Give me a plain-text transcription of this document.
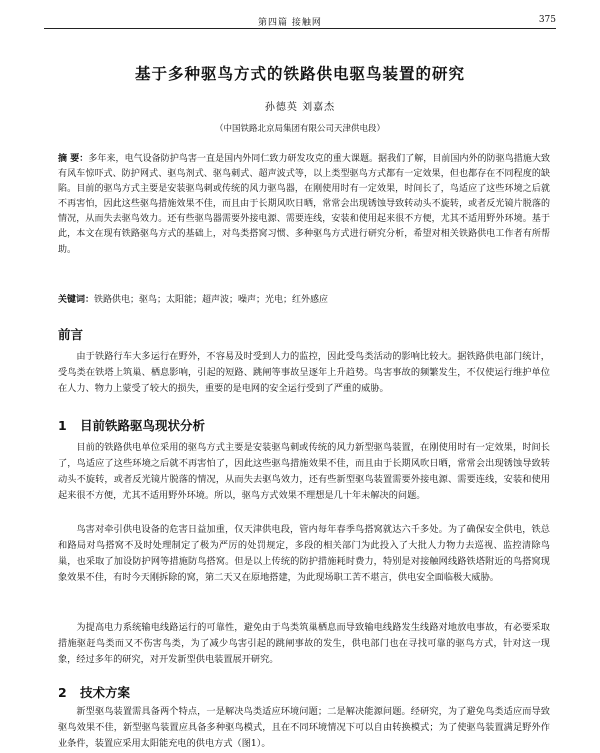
第四篇 接触网	375
基于多种驱鸟方式的铁路供电驱鸟装置的研究
孙德英 刘嘉杰
（中国铁路北京局集团有限公司天津供电段）
摘 要：多年来，电气设备防护鸟害一直是国内外同仁致力研发攻克的重大课题。据我们了解，目前国内外的防驱鸟措施大致有风车惊吓式、防护网式、驱鸟剂式、驱鸟刺式、超声波式等，以上类型驱鸟方式都有一定效果，但也都存在不同程度的缺陷。目前的驱鸟方式主要是安装驱鸟刺或传统的风力驱鸟器，在刚使用时有一定效果，时间长了，鸟适应了这些环境之后就不再害怕，因此这些驱鸟措施效果不佳，而且由于长期风吹日晒，常常会出现锈蚀导致转动头不旋转，或者反光镜片脱落的情况，从而失去驱鸟效力。还有些驱鸟器需要外接电源、需要连线，安装和使用起来很不方便，尤其不适用野外环境。基于此，本文在现有铁路驱鸟方式的基础上，对鸟类搭窝习惯、多种驱鸟方式进行研究分析，希望对相关铁路供电工作者有所帮助。
关键词：铁路供电；驱鸟；太阳能；超声波；噪声；光电；红外感应
前言

由于铁路行车大多运行在野外，不容易及时受到人力的监控，因此受鸟类活动的影响比较大。据铁路供电部门统计，受鸟类在铁塔上筑巢、栖息影响，引起的短路、跳闸等事故呈逐年上升趋势。鸟害事故的频繁发生，不仅使运行维护单位在人力、物力上蒙受了较大的损失，重要的是电网的安全运行受到了严重的威胁。

1 目前铁路驱鸟现状分析

目前的铁路供电单位采用的驱鸟方式主要是安装驱鸟刺或传统的风力新型驱鸟装置，在刚使用时有一定效果，时间长了，鸟适应了这些环境之后就不再害怕了，因此这些驱鸟措施效果不佳，而且由于长期风吹日晒，常常会出现锈蚀导致转动头不旋转，或者反光镜片脱落的情况，从而失去驱鸟效力，还有些新型驱鸟装置需要外接电源、需要连线，安装和使用起来很不方便，尤其不适用野外环境。所以，驱鸟方式效果不理想是几十年未解决的问题。

鸟害对牵引供电设备的危害日益加重，仅天津供电段，管内每年春季鸟搭窝就达六千多处。为了确保安全供电，铁总和路局对鸟搭窝不及时处理制定了极为严厉的处罚规定，多段的相关部门为此投入了大批人力物力去巡视、监控清除鸟巢，也采取了加设防护网等措施防鸟搭窝。但是以上传统的防护措施耗时费力，特别是对接触网线路铁塔附近的鸟搭窝现象效果不佳，有时今天刚拆除的窝，第二天又在原地搭建，为此现场职工苦不堪言，供电安全面临极大威胁。

为提高电力系统输电线路运行的可靠性，避免由于鸟类筑巢栖息而导致输电线路发生线路对地放电事故，有必要采取措施驱赶鸟类而又不伤害鸟类，为了减少鸟害引起的跳闸事故的发生，供电部门也在寻找可靠的驱鸟方式，针对这一现象，经过多年的研究，对开发新型供电装置展开研究。

2 技术方案

新型驱鸟装置需具备两个特点，一是解决鸟类适应环境问题；二是解决能源问题。经研究，为了避免鸟类适应而导致驱鸟效果不佳，新型驱鸟装置应具备多种驱鸟模式，且在不同环境情况下可以自由转换模式；为了使驱鸟装置满足野外作业条件，装置应采用太阳能充电的供电方式（图1）。
